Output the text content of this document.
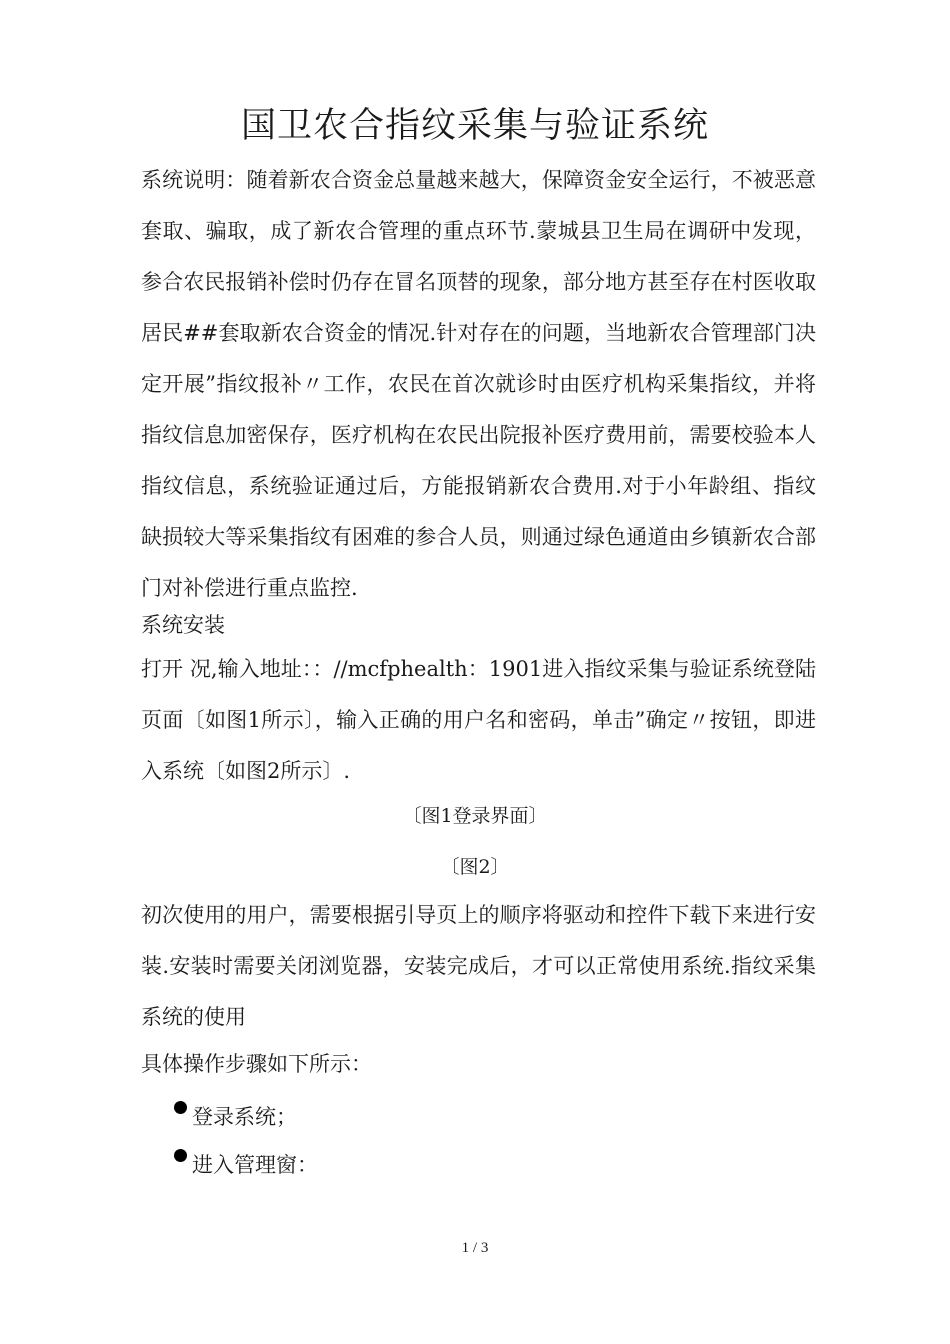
国卫农合指纹采集与验证系统
系统说明：随着新农合资金总量越来越大，保障资金安全运行，不被恶意套取、骗取，成了新农合管理的重点环节.蒙城县卫生局在调研中发现，参合农民报销补偿时仍存在冒名顶替的现象，部分地方甚至存在村医收取居民##套取新农合资金的情况.针对存在的问题，当地新农合管理部门决定开展”指纹报补〃工作，农民在首次就诊时由医疗机构采集指纹，并将指纹信息加密保存，医疗机构在农民出院报补医疗费用前，需要校验本人指纹信息，系统验证通过后，方能报销新农合费用.对于小年龄组、指纹缺损较大等采集指纹有困难的参合人员，则通过绿色通道由乡镇新农合部门对补偿进行重点监控.
系统安装
打开 况,输入地址：：//mcfphealth：1901进入指纹采集与验证系统登陆页面〔如图1所示〕，输入正确的用户名和密码，单击”确定〃按钮，即进入系统〔如图2所示〕.
〔图1登录界面〕
〔图2〕
初次使用的用户，需要根据引导页上的顺序将驱动和控件下载下来进行安装.安装时需要关闭浏览器，安装完成后，才可以正常使用系统.指纹采集系统的使用
具体操作步骤如下所示：
登录系统；
进入管理窗：
1 / 3
